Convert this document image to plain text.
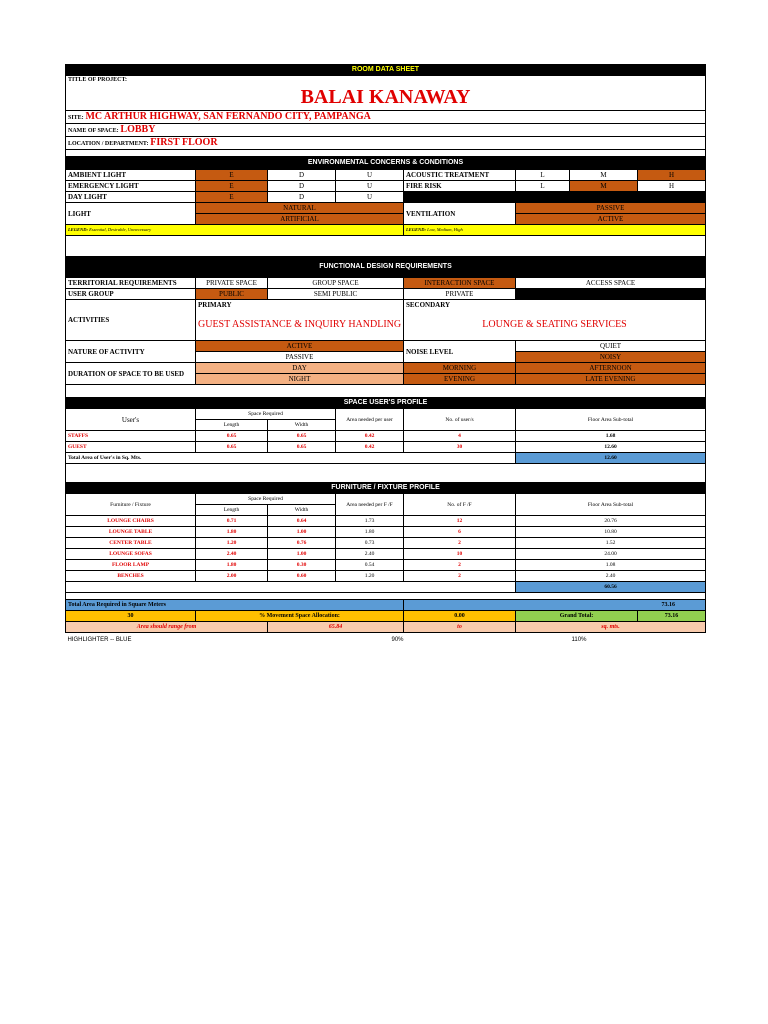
ROOM DATA SHEET								
TITLE OF PROJECT:								
BALAI KANAWAY								
SITE: MC ARTHUR HIGHWAY, SAN FERNANDO CITY, PAMPANGA								
NAME OF SPACE: LOBBY								
LOCATION / DEPARTMENT: FIRST FLOOR								

ENVIRONMENTAL CONCERNS & CONDITIONS								
AMBIENT LIGHT	E	D	U	ACOUSTIC TREATMENT		L	M	H
EMERGENCY LIGHT	E	D	U	FIRE RISK		L	M	H
DAY LIGHT	E	D	U					
LIGHT	NATURAL			VENTILATION		PASSIVE		
	ARTIFICIAL					ACTIVE		
LEGEND: Essential, Desirable, Unnecessary				LEGEND: Low, Medium, High				

FUNCTIONAL DESIGN REQUIREMENTS								
TERRITORIAL REQUIREMENTS	PRIVATE SPACE	GROUP SPACE		INTERACTION SPACE		ACCESS SPACE		
USER GROUP	PUBLIC	SEMI PUBLIC		PRIVATE				
ACTIVITIES	PRIMARY			SECONDARY				
	GUEST ASSISTANCE & INQUIRY HANDLING			LOUNGE & SEATING SERVICES				
NATURE OF ACTIVITY	ACTIVE			NOISE LEVEL		QUIET		
	PASSIVE					NOISY		
DURATION OF SPACE TO BE USED	DAY			MORNING		AFTERNOON		
	NIGHT			EVENING		LATE EVENING		

SPACE USER'S PROFILE								
User's	Space Required		Area needed per user	No. of user/s		Floor Area Sub-total		
	Length	Width						
STAFFS	0.65	0.65	0.42	4		1.68		
GUEST	0.65	0.65	0.42	30		12.60		
Total Area of User's in Sq. Mts.						12.60		

FURNITURE / FIXTURE PROFILE								
Furniture / Fixture	Space Required		Area needed per F /F	No. of F /F		Floor Area Sub-total		
	Length	Width						
LOUNGE CHAIRS	0.71	0.64	1.73	12		20.76		
LOUNGE TABLE	1.80	1.00	1.80	6		10.80		
CENTER TABLE	1.20	0.76	0.73	2		1.52		
LOUNGE SOFAS	2.40	1.00	2.40	10		24.00		
FLOOR LAMP	1.80	0.30	0.54	2		1.08		
BENCHES	2.00	0.60	1.20	2		2.40		
						60.56		

Total Area Required in Square Meters				73.16				
30	% Movement Space Allocation:			0.00		Grand Total:		73.16
Area should range from		65.84		to		sq. mts.		
HIGHLIGHTER -- BLUE			90%				110%	
